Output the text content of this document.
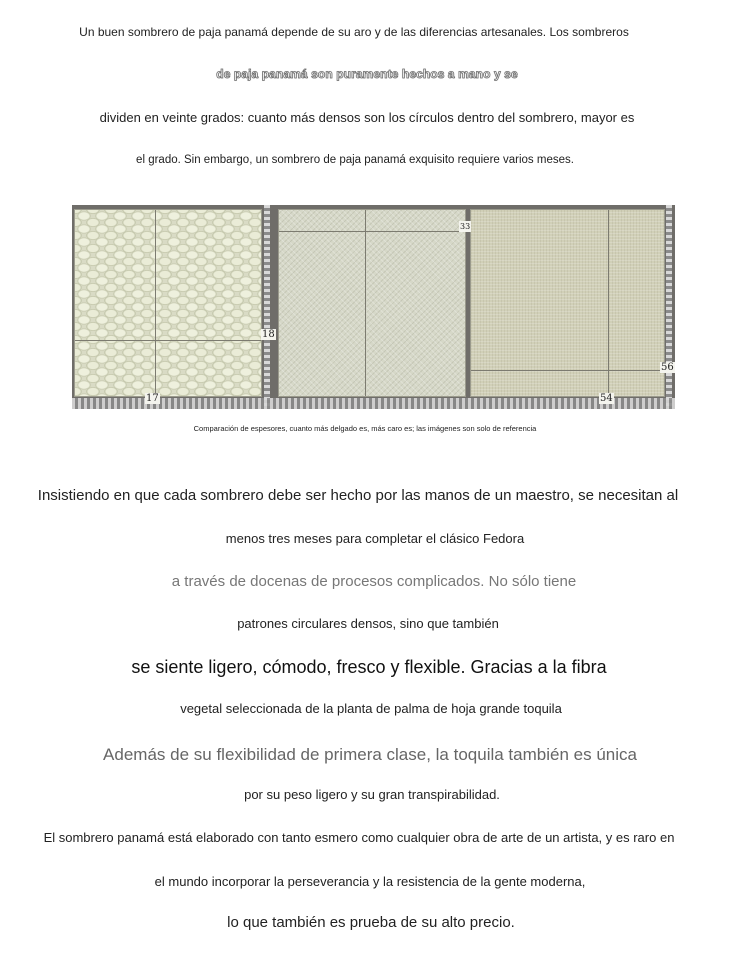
Un buen sombrero de paja panamá depende de su aro y de las diferencias artesanales. Los sombreros

de paja panamá son puramente hechos a mano y se

dividen en veinte grados: cuanto más densos son los círculos dentro del sombrero, mayor es

el grado. Sin embargo, un sombrero de paja panamá exquisito requiere varios meses.

17
18
33
56
54

Comparación de espesores, cuanto más delgado es, más caro es; las imágenes son solo de referencia

Insistiendo en que cada sombrero debe ser hecho por las manos de un maestro, se necesitan al

menos tres meses para completar el clásico Fedora

a través de docenas de procesos complicados. No sólo tiene

patrones circulares densos, sino que también

se siente ligero, cómodo, fresco y flexible. Gracias a la fibra

vegetal seleccionada de la planta de palma de hoja grande toquila

Además de su flexibilidad de primera clase, la toquila también es única

por su peso ligero y su gran transpirabilidad.

El sombrero panamá está elaborado con tanto esmero como cualquier obra de arte de un artista, y es raro en

el mundo incorporar la perseverancia y la resistencia de la gente moderna,

lo que también es prueba de su alto precio.
